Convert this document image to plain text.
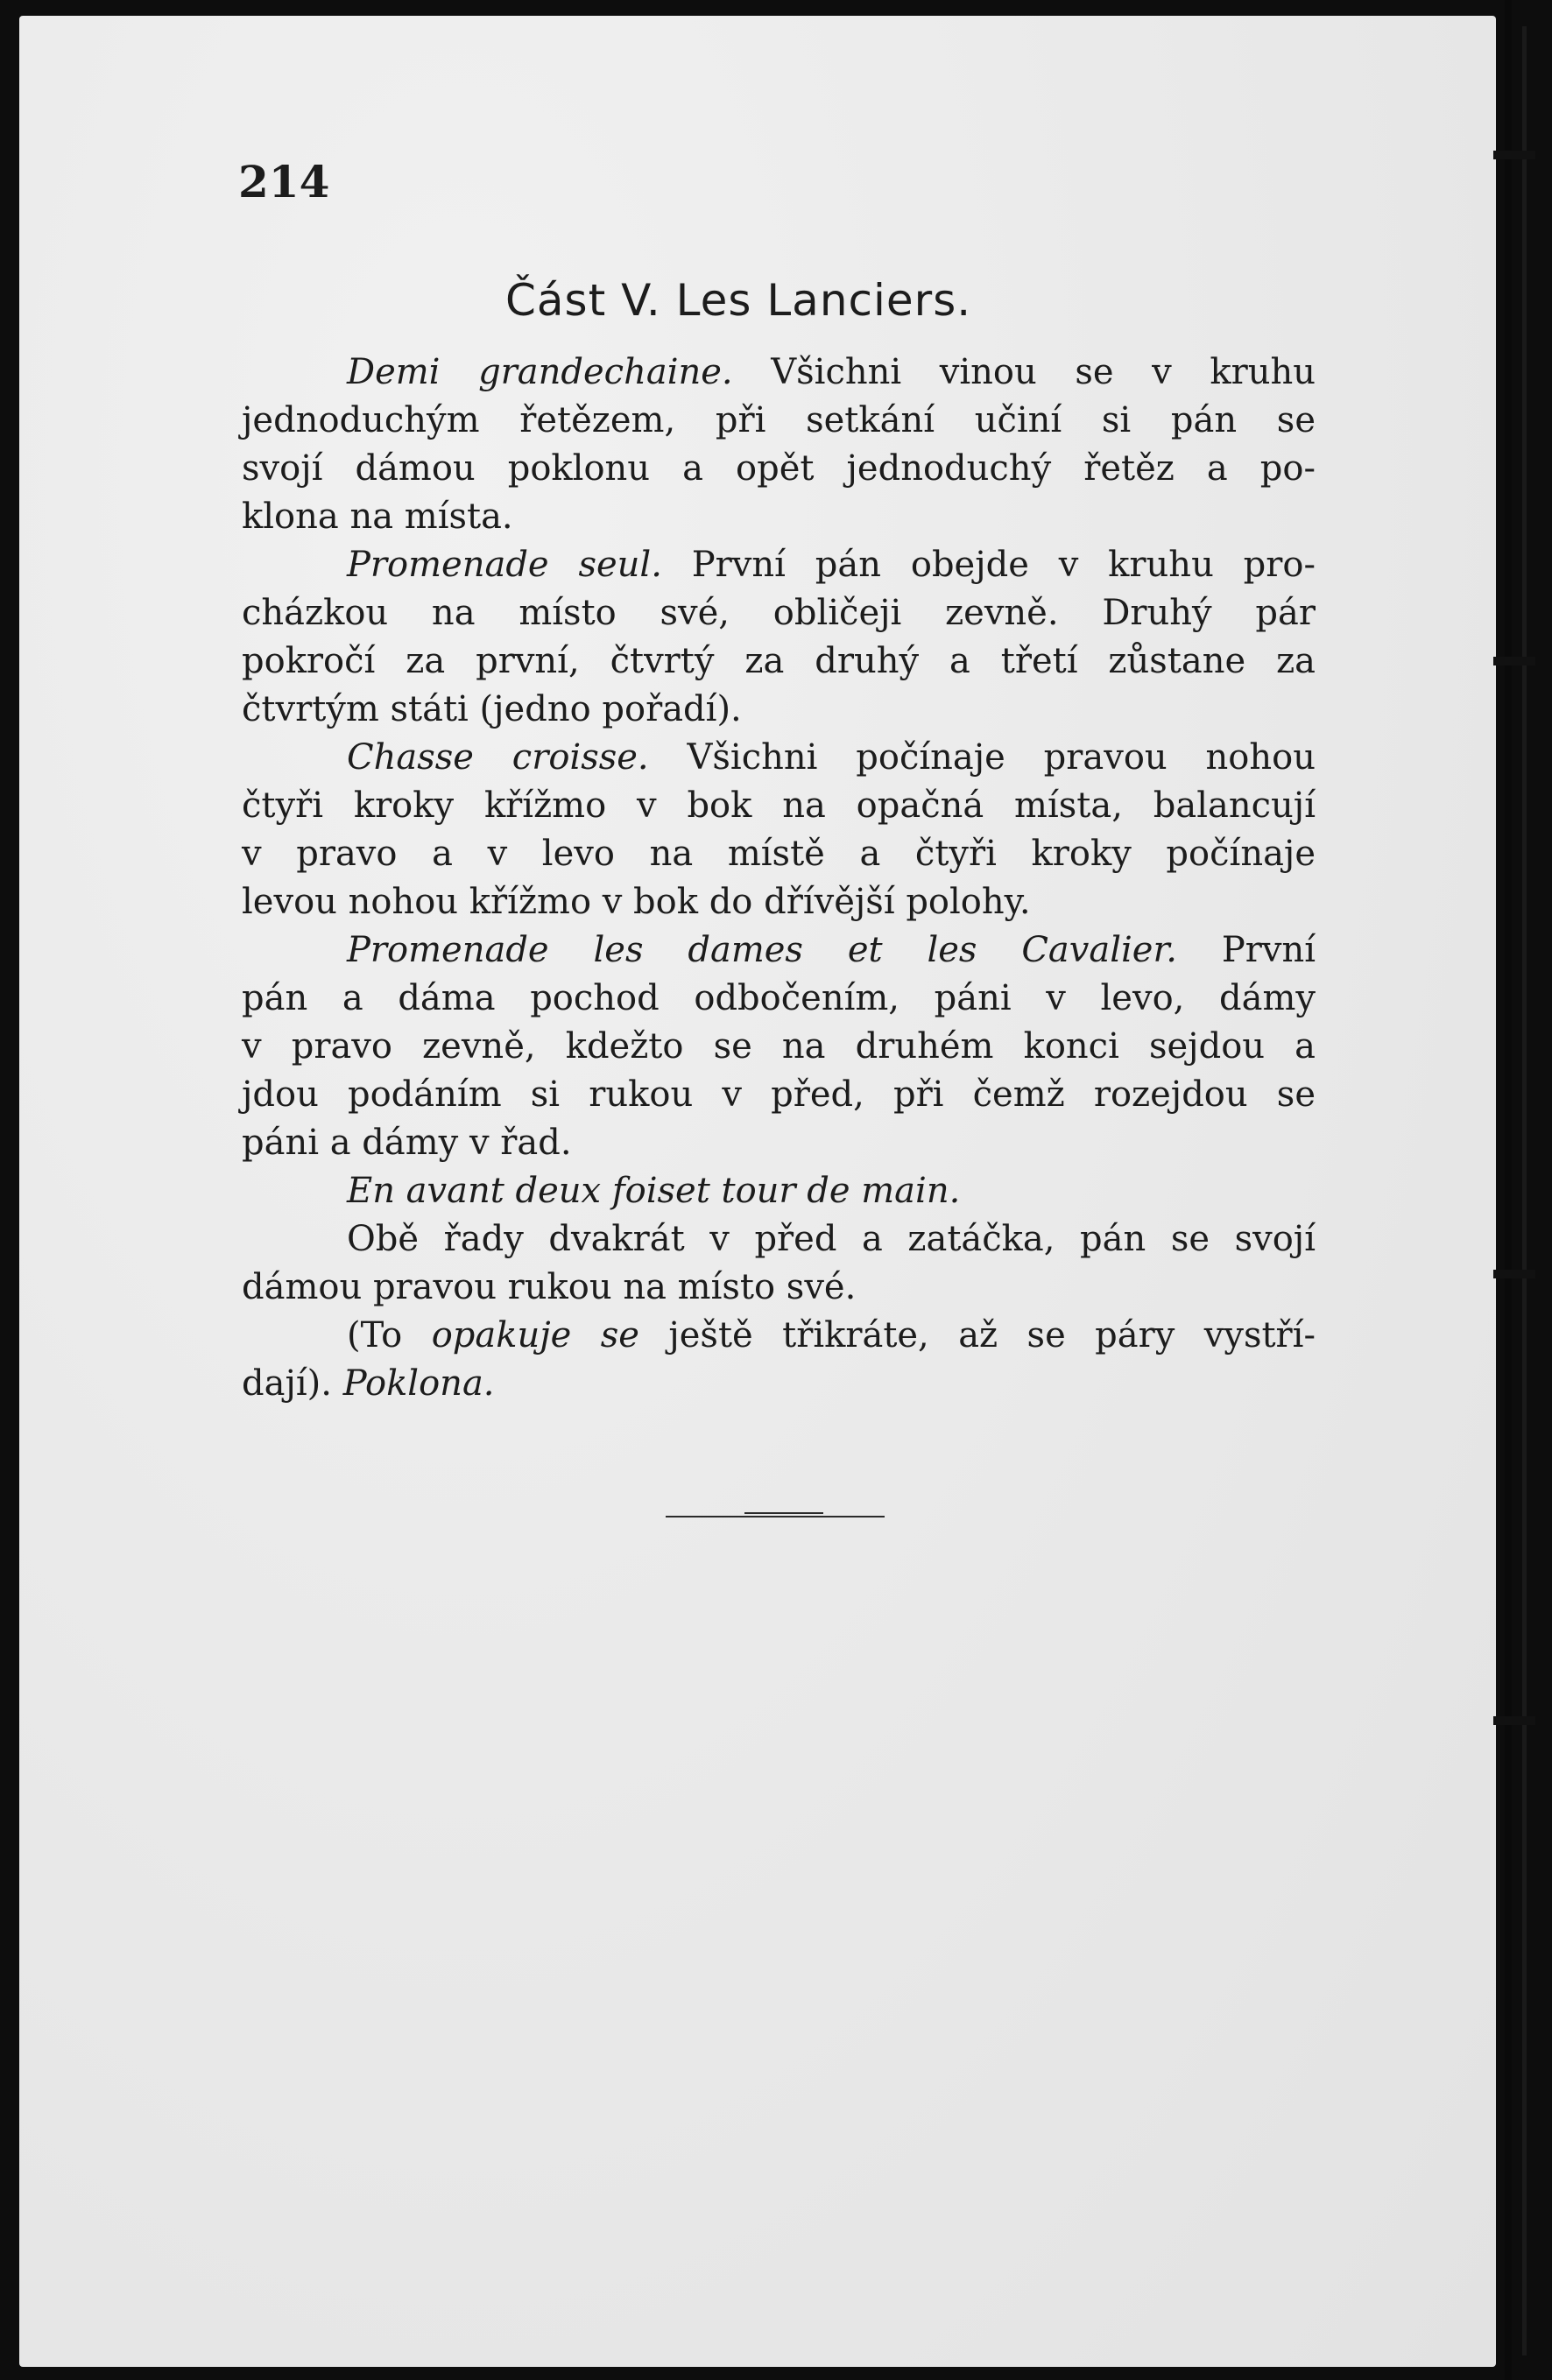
214
Část V. Les Lanciers.
Demi grandechaine. Všichni vinou se v kruhu
jednoduchým řetězem, při setkání učiní si pán se
svojí dámou poklonu a opět jednoduchý řetěz a po-
klona na místa.
Promenade seul. První pán obejde v kruhu pro-
cházkou na místo své, obličeji zevně. Druhý pár
pokročí za první, čtvrtý za druhý a třetí zůstane za
čtvrtým státi (jedno pořadí).
Chasse croisse. Všichni počínaje pravou nohou
čtyři kroky křížmo v bok na opačná místa, balancují
v pravo a v levo na místě a čtyři kroky počínaje
levou nohou křížmo v bok do dřívější polohy.
Promenade les dames et les Cavalier. První
pán a dáma pochod odbočením, páni v levo, dámy
v pravo zevně, kdežto se na druhém konci sejdou a
jdou podáním si rukou v před, při čemž rozejdou se
páni a dámy v řad.
En avant deux foiset tour de main.
Obě řady dvakrát v před a zatáčka, pán se svojí
dámou pravou rukou na místo své.
(To opakuje se ještě třikráte, až se páry vystří-
dají). Poklona.
